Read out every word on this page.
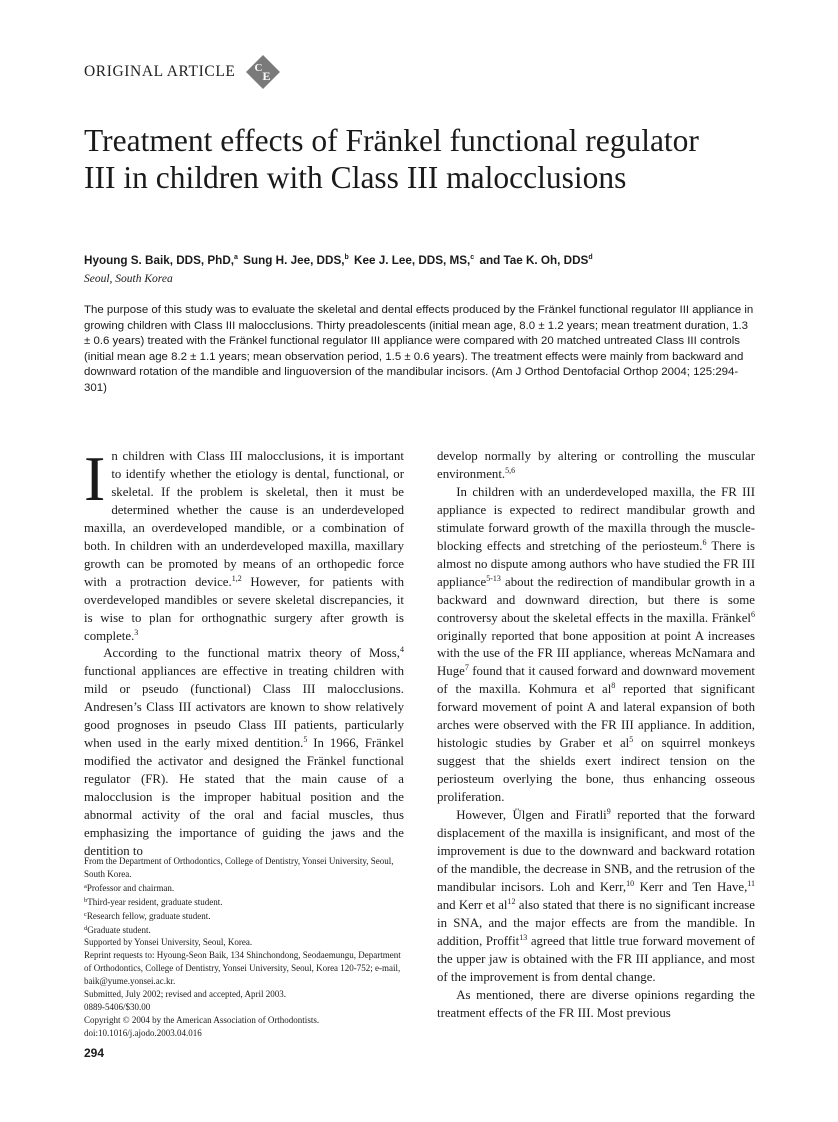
ORIGINAL ARTICLE C
E
Treatment effects of Fränkel functional regulator III in children with Class III malocclusions
Hyoung S. Baik, DDS, PhD,$^a$ Sung H. Jee, DDS,$^b$ Kee J. Lee, DDS, MS,$^c$ and Tae K. Oh, DDS$^d$
Seoul, South Korea

The purpose of this study was to evaluate the skeletal and dental effects produced by the Fränkel functional regulator III appliance in growing children with Class III malocclusions. Thirty preadolescents (initial mean age, 8.0 ± 1.2 years; mean treatment duration, 1.3 ± 0.6 years) treated with the Fränkel functional regulator III appliance were compared with 20 matched untreated Class III controls (initial mean age 8.2 ± 1.1 years; mean observation period, 1.5 ± 0.6 years). The treatment effects were mainly from backward and downward rotation of the mandible and linguoversion of the mandibular incisors. (Am J Orthod Dentofacial Orthop 2004; 125:294-301)

In children with Class III malocclusions, it is important to identify whether the etiology is dental, functional, or skeletal. If the problem is skeletal, then it must be determined whether the cause is an underdeveloped maxilla, an overdeveloped mandible, or a combination of both. In children with an underdeveloped maxilla, maxillary growth can be promoted by means of an orthopedic force with a protraction device.$^{1,2}$ However, for patients with overdeveloped mandibles or severe skeletal discrepancies, it is wise to plan for orthognathic surgery after growth is complete.$^3$

According to the functional matrix theory of Moss,$^4$ functional appliances are effective in treating children with mild or pseudo (functional) Class III malocclusions. Andresen’s Class III activators are known to show relatively good prognoses in pseudo Class III patients, particularly when used in the early mixed dentition.$^5$ In 1966, Fränkel modified the activator and designed the Fränkel functional regulator (FR). He stated that the main cause of a malocclusion is the improper habitual position and the abnormal activity of the oral and facial muscles, thus emphasizing the importance of guiding the jaws and the dentition to

develop normally by altering or controlling the muscular environment.$^{5,6}$

In children with an underdeveloped maxilla, the FR III appliance is expected to redirect mandibular growth and stimulate forward growth of the maxilla through the muscle-blocking effects and stretching of the periosteum.$^6$ There is almost no dispute among authors who have studied the FR III appliance$^{5-13}$ about the redirection of mandibular growth in a backward and downward direction, but there is some controversy about the skeletal effects in the maxilla. Fränkel$^6$ originally reported that bone apposition at point A increases with the use of the FR III appliance, whereas McNamara and Huge$^7$ found that it caused forward and downward movement of the maxilla. Kohmura et $al^8$ reported that significant forward movement of point A and lateral expansion of both arches were observed with the FR III appliance. In addition, histologic studies by Graber et $al^5$ on squirrel monkeys suggest that the shields exert indirect tension on the periosteum overlying the bone, thus enhancing osseous proliferation.

However, Ülgen and Firatli$^9$ reported that the forward displacement of the maxilla is insignificant, and most of the improvement is due to the downward and backward rotation of the mandible, the decrease in SNB, and the retrusion of the mandibular incisors. Loh and Kerr,$^{10}$ Kerr and Ten Have,$^{11}$ and Kerr et $al^{12}$ also stated that there is no significant increase in SNA, and the major effects are from the mandible. In addition, Proffit$^{13}$ agreed that little true forward movement of the upper jaw is obtained with the FR III appliance, and most of the improvement is from dental change.

As mentioned, there are diverse opinions regarding the treatment effects of the FR III. Most previous

From the Department of Orthodontics, College of Dentistry, Yonsei University, Seoul, South Korea.
$^a$Professor and chairman.
$^b$Third-year resident, graduate student.
$^c$Research fellow, graduate student.
$^d$Graduate student.
Supported by Yonsei University, Seoul, Korea.
Reprint requests to: Hyoung-Seon Baik, 134 Shinchondong, Seodaemungu, Department of Orthodontics, College of Dentistry, Yonsei University, Seoul, Korea 120-752; e-mail, baik@yume.yonsei.ac.kr.
Submitted, July 2002; revised and accepted, April 2003.
0889-5406/$30.00
Copyright © 2004 by the American Association of Orthodontists.
doi:10.1016/j.ajodo.2003.04.016
294
